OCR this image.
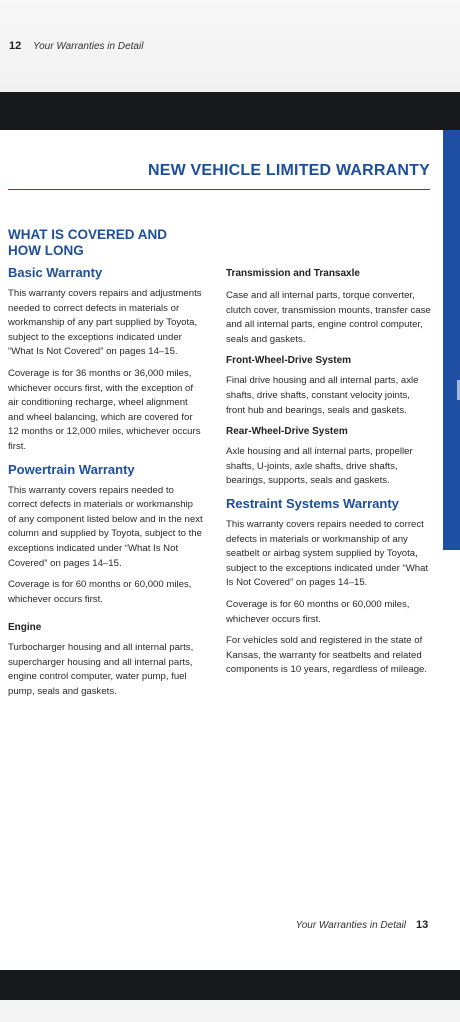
12 Your Warranties in Detail
NEW VEHICLE LIMITED WARRANTY
WHAT IS COVERED AND HOW LONG
Basic Warranty

This warranty covers repairs and adjustments needed to correct defects in materials or workmanship of any part supplied by Toyota, subject to the exceptions indicated under “What Is Not Covered” on pages 14–15.

Coverage is for 36 months or 36,000 miles, whichever occurs first, with the exception of air conditioning recharge, wheel alignment and wheel balancing, which are covered for 12 months or 12,000 miles, whichever occurs first.

Powertrain Warranty

This warranty covers repairs needed to correct defects in materials or workmanship of any component listed below and in the next column and supplied by Toyota, subject to the exceptions indicated under “What Is Not Covered” on pages 14–15.

Coverage is for 60 months or 60,000 miles, whichever occurs first.

Engine

Turbocharger housing and all internal parts, supercharger housing and all internal parts, engine control computer, water pump, fuel pump, seals and gaskets.

Transmission and Transaxle

Case and all internal parts, torque converter, clutch cover, transmission mounts, transfer case and all internal parts, engine control computer, seals and gaskets.

Front-Wheel-Drive System

Final drive housing and all internal parts, axle shafts, drive shafts, constant velocity joints, front hub and bearings, seals and gaskets.

Rear-Wheel-Drive System

Axle housing and all internal parts, propeller shafts, U-joints, axle shafts, drive shafts, bearings, supports, seals and gaskets.

Restraint Systems Warranty

This warranty covers repairs needed to correct defects in materials or workmanship of any seatbelt or airbag system supplied by Toyota, subject to the exceptions indicated under “What Is Not Covered” on pages 14–15.

Coverage is for 60 months or 60,000 miles, whichever occurs first.

For vehicles sold and registered in the state of Kansas, the warranty for seatbelts and related components is 10 years, regardless of mileage.

Your Warranties in Detail 13
